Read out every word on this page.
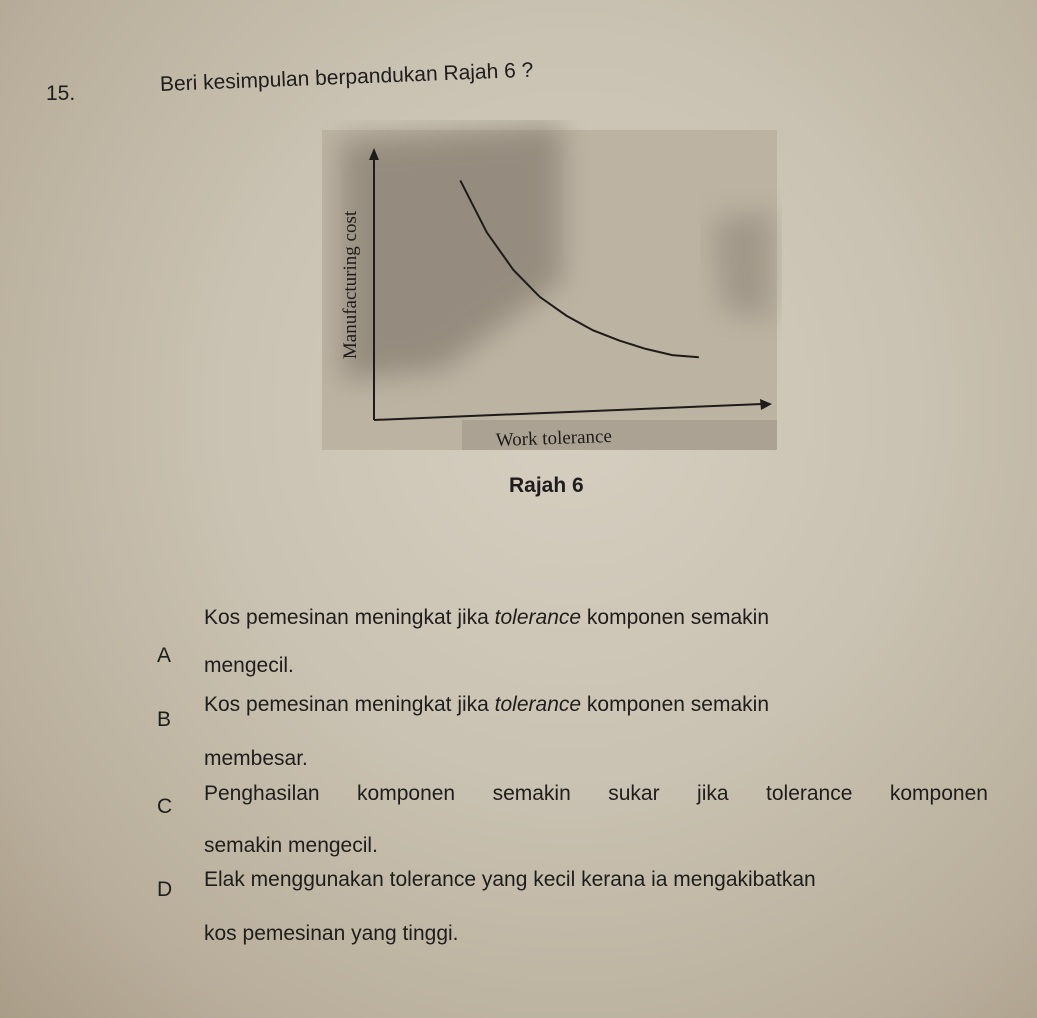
15.	Beri kesimpulan berpandukan Rajah 6 ?
Manufacturing cost
Work tolerance
Rajah 6
A
Kos pemesinan meningkat jika tolerance komponen semakin
mengecil.
B
Kos pemesinan meningkat jika tolerance komponen semakin
membesar.
C
Penghasilan komponen semakin sukar jika tolerance komponen
semakin mengecil.
D Elak menggunakan tolerance yang kecil kerana ia mengakibatkan
kos pemesinan yang tinggi.
